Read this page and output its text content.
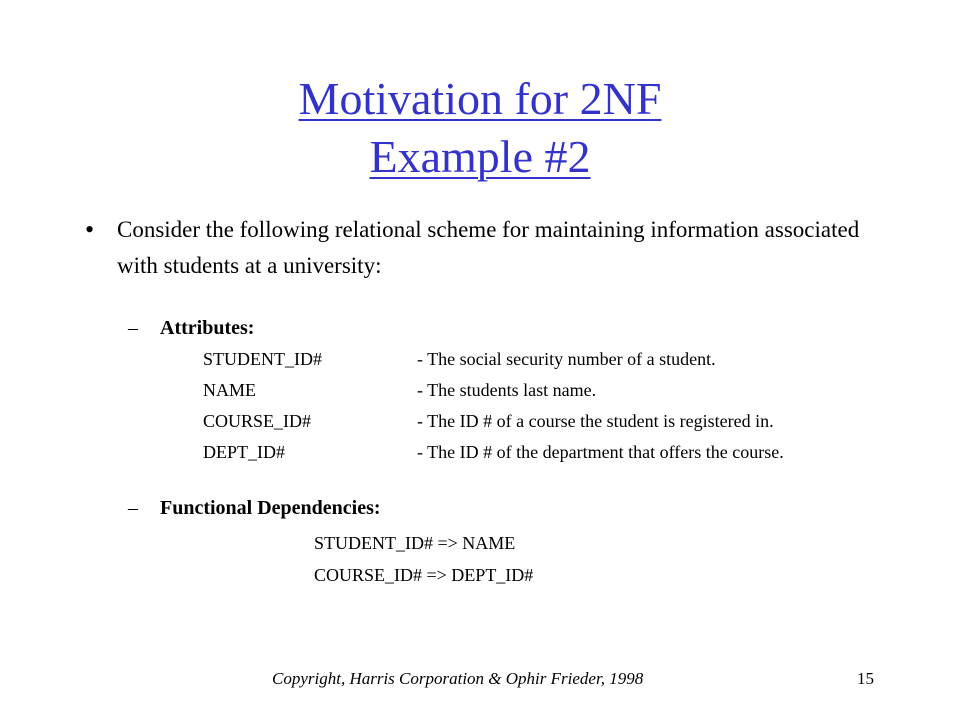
Motivation for 2NF
Example #2
• Consider the following relational scheme for maintaining information associated with students at a university:
– Attributes:
STUDENT_ID#	- The social security number of a student.
NAME	- The students last name.
COURSE_ID#	- The ID # of a course the student is registered in.
DEPT_ID#	- The ID # of the department that offers the course.
– Functional Dependencies:
STUDENT_ID# => NAME
COURSE_ID# => DEPT_ID#
Copyright, Harris Corporation & Ophir Frieder, 1998	15
